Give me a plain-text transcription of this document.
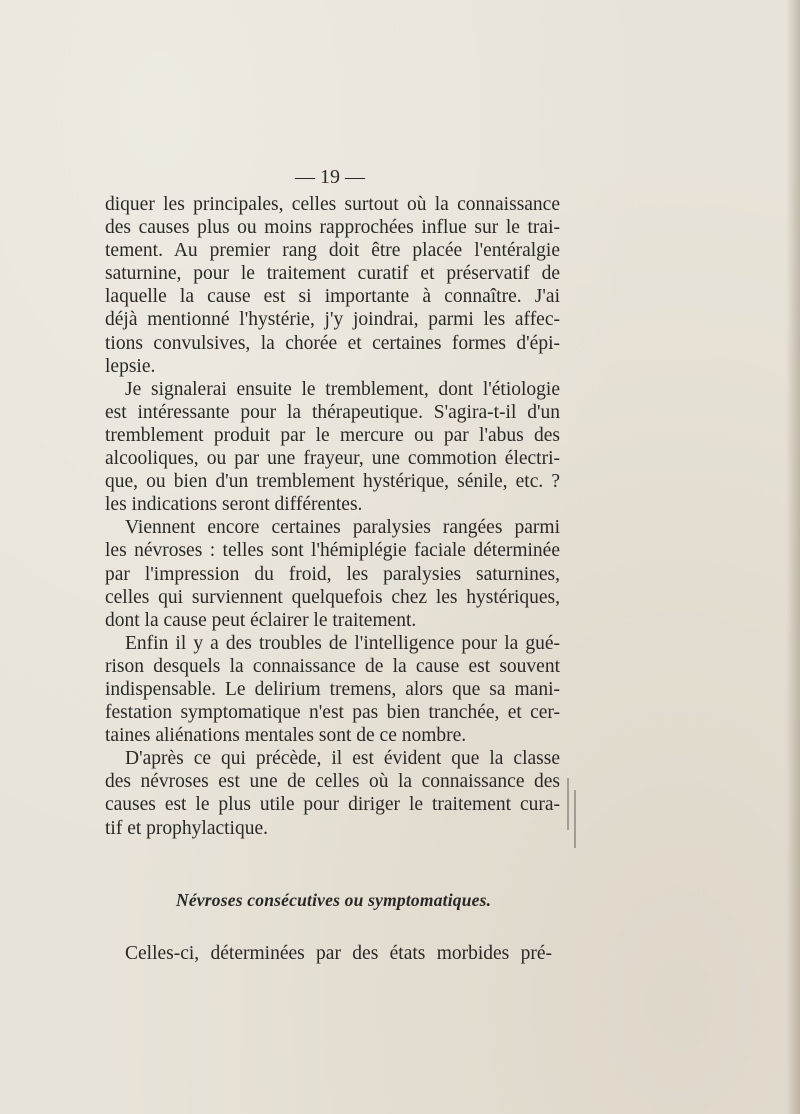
— 19 —
diquer les principales, celles surtout où la connaissance
des causes plus ou moins rapprochées influe sur le trai-
tement. Au premier rang doit être placée l'entéralgie
saturnine, pour le traitement curatif et préservatif de
laquelle la cause est si importante à connaître. J'ai
déjà mentionné l'hystérie, j'y joindrai, parmi les affec-
tions convulsives, la chorée et certaines formes d'épi-
lepsie.
Je signalerai ensuite le tremblement, dont l'étiologie
est intéressante pour la thérapeutique. S'agira-t-il d'un
tremblement produit par le mercure ou par l'abus des
alcooliques, ou par une frayeur, une commotion électri-
que, ou bien d'un tremblement hystérique, sénile, etc. ?
les indications seront différentes.
Viennent encore certaines paralysies rangées parmi
les névroses : telles sont l'hémiplégie faciale déterminée
par l'impression du froid, les paralysies saturnines,
celles qui surviennent quelquefois chez les hystériques,
dont la cause peut éclairer le traitement.
Enfin il y a des troubles de l'intelligence pour la gué-
rison desquels la connaissance de la cause est souvent
indispensable. Le delirium tremens, alors que sa mani-
festation symptomatique n'est pas bien tranchée, et cer-
taines aliénations mentales sont de ce nombre.
D'après ce qui précède, il est évident que la classe
des névroses est une de celles où la connaissance des
causes est le plus utile pour diriger le traitement cura-
tif et prophylactique.
Névroses consécutives ou symptomatiques.
Celles-ci, déterminées par des états morbides pré-
